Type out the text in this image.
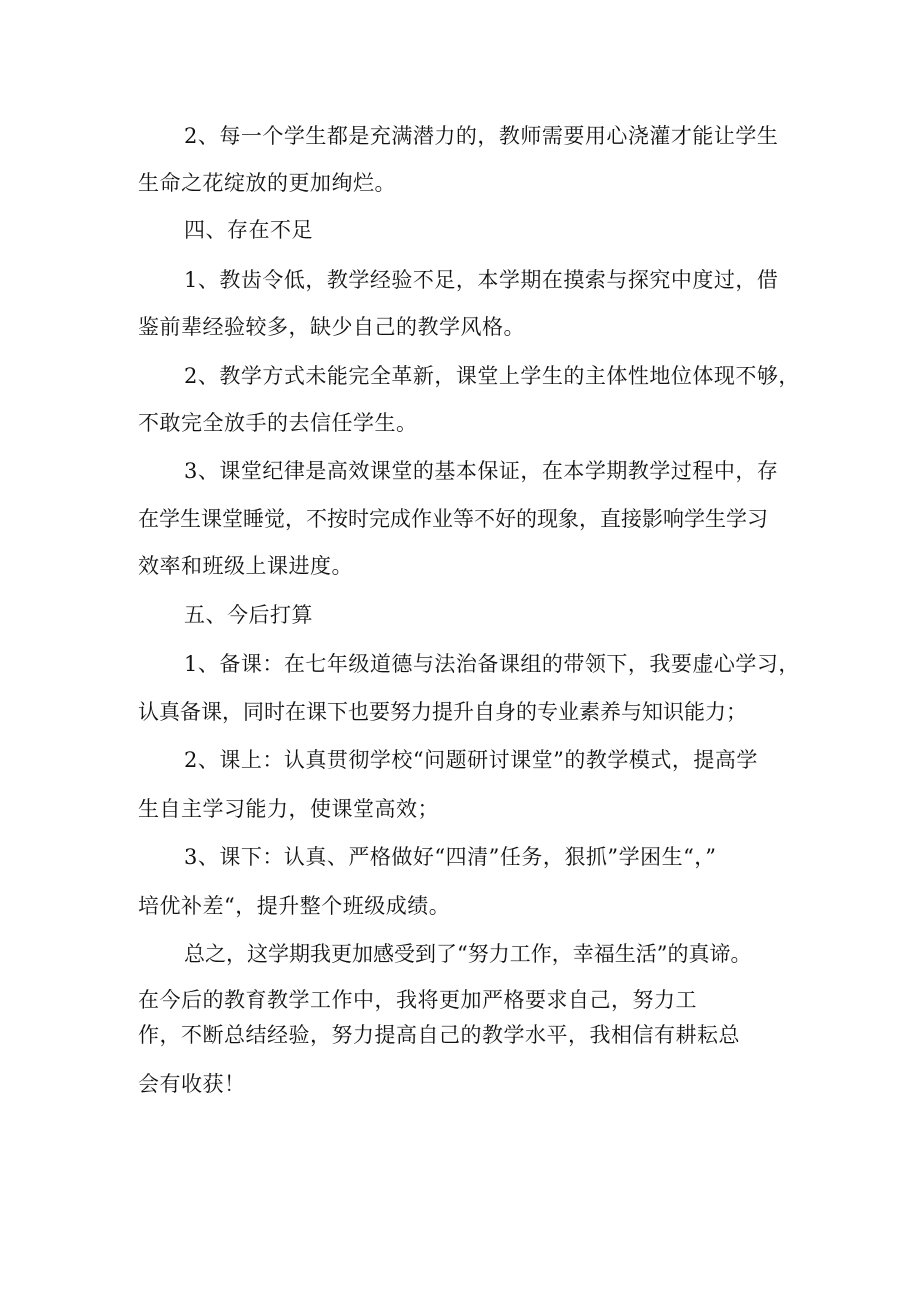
2、每一个学生都是充满潜力的，教师需要用心浇灌才能让学生
生命之花绽放的更加绚烂。
四、存在不足
1、教齿令低，教学经验不足，本学期在摸索与探究中度过，借
鉴前辈经验较多，缺少自己的教学风格。
2、教学方式未能完全革新，课堂上学生的主体性地位体现不够，
不敢完全放手的去信任学生。
3、课堂纪律是高效课堂的基本保证，在本学期教学过程中，存
在学生课堂睡觉，不按时完成作业等不好的现象，直接影响学生学习
效率和班级上课进度。
五、今后打算
1、备课：在七年级道德与法治备课组的带领下，我要虚心学习，
认真备课，同时在课下也要努力提升自身的专业素养与知识能力；
2、课上：认真贯彻学校“问题研讨课堂”的教学模式，提高学
生自主学习能力，使课堂高效；
3、课下：认真、严格做好“四清”任务，狠抓”学困生“，”
培优补差“，提升整个班级成绩。
总之，这学期我更加感受到了“努力工作，幸福生活”的真谛。
在今后的教育教学工作中，我将更加严格要求自己，努力工
作，不断总结经验，努力提高自己的教学水平，我相信有耕耘总
会有收获！
